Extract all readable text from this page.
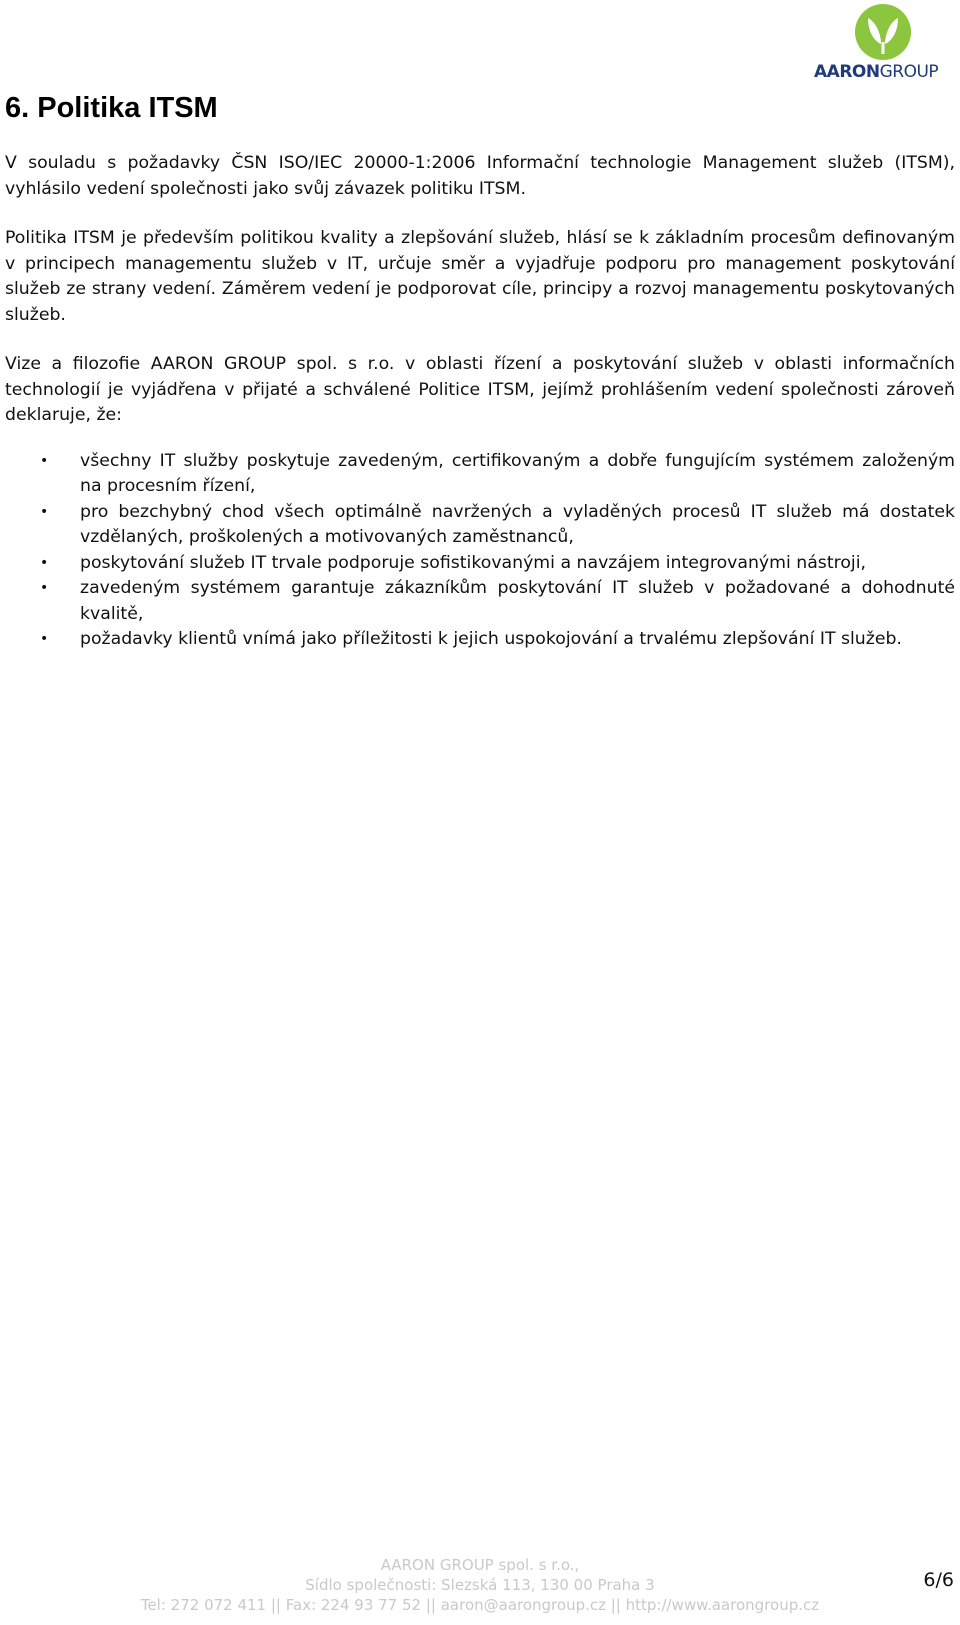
AARONGROUP
6. Politika ITSM

V souladu s požadavky ČSN ISO/IEC 20000-1:2006 Informační technologie Management služeb (ITSM), vyhlásilo vedení společnosti jako svůj závazek politiku ITSM.

Politika ITSM je především politikou kvality a zlepšování služeb, hlásí se k základním procesům definovaným v principech managementu služeb v IT, určuje směr a vyjadřuje podporu pro management poskytování služeb ze strany vedení. Záměrem vedení je podporovat cíle, principy a rozvoj managementu poskytovaných služeb.

Vize a filozofie AARON GROUP spol. s r.o. v oblasti řízení a poskytování služeb v oblasti informačních technologií je vyjádřena v přijaté a schválené Politice ITSM, jejímž prohlášením vedení společnosti zároveň deklaruje, že:

• všechny IT služby poskytuje zavedeným, certifikovaným a dobře fungujícím systémem založeným na procesním řízení,
• pro bezchybný chod všech optimálně navržených a vyladěných procesů IT služeb má dostatek vzdělaných, proškolených a motivovaných zaměstnanců,
• poskytování služeb IT trvale podporuje sofistikovanými a navzájem integrovanými nástroji,
• zavedeným systémem garantuje zákazníkům poskytování IT služeb v požadované a dohodnuté kvalitě,
• požadavky klientů vnímá jako příležitosti k jejich uspokojování a trvalému zlepšování IT služeb.
AARON GROUP spol. s r.o.,
Sídlo společnosti: Slezská 113, 130 00 Praha 3
Tel: 272 072 411 || Fax: 224 93 77 52 || aaron@aarongroup.cz || http://www.aarongroup.cz
6/6
